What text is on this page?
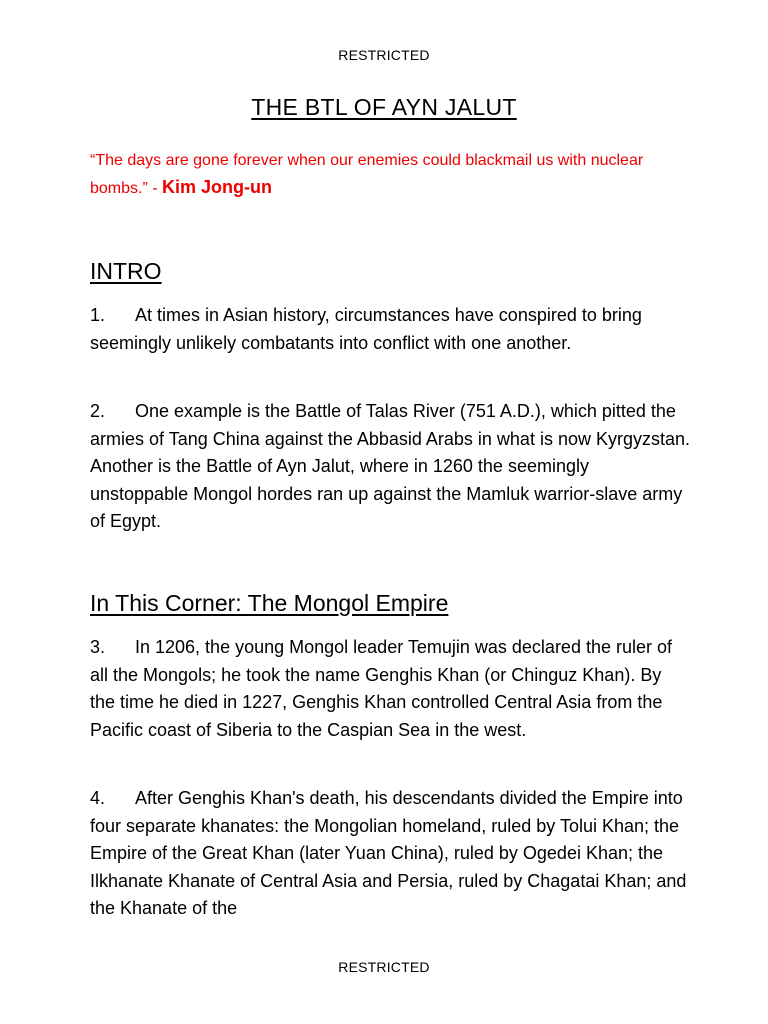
RESTRICTED
THE BTL OF AYN JALUT
“The days are gone forever when our enemies could blackmail us with nuclear bombs.” - Kim Jong-un
INTRO
1. At times in Asian history, circumstances have conspired to bring seemingly unlikely combatants into conflict with one another.
2. One example is the Battle of Talas River (751 A.D.), which pitted the armies of Tang China against the Abbasid Arabs in what is now Kyrgyzstan. Another is the Battle of Ayn Jalut, where in 1260 the seemingly unstoppable Mongol hordes ran up against the Mamluk warrior-slave army of Egypt.
In This Corner: The Mongol Empire
3. In 1206, the young Mongol leader Temujin was declared the ruler of all the Mongols; he took the name Genghis Khan (or Chinguz Khan). By the time he died in 1227, Genghis Khan controlled Central Asia from the Pacific coast of Siberia to the Caspian Sea in the west.
4. After Genghis Khan's death, his descendants divided the Empire into four separate khanates: the Mongolian homeland, ruled by Tolui Khan; the Empire of the Great Khan (later Yuan China), ruled by Ogedei Khan; the Ilkhanate Khanate of Central Asia and Persia, ruled by Chagatai Khan; and the Khanate of the
RESTRICTED
